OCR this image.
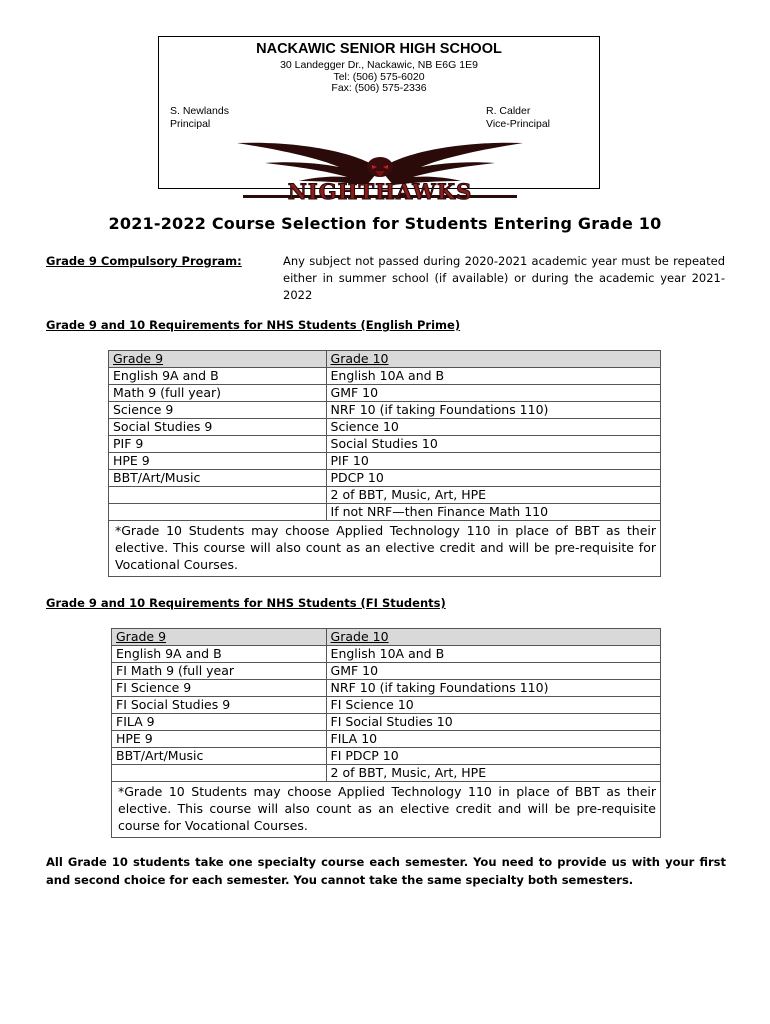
NACKAWIC SENIOR HIGH SCHOOL
30 Landegger Dr., Nackawic, NB E6G 1E9
Tel: (506) 575-6020
Fax: (506) 575-2336
S. Newlands
Principal
R. Calder
Vice-Principal
NIGHTHAWKS
2021-2022 Course Selection for Students Entering Grade 10
Grade 9 Compulsory Program:	Any subject not passed during 2020-2021 academic year must be repeated either in summer school (if available) or during the academic year 2021-2022
Grade 9 and 10 Requirements for NHS Students (English Prime)
Grade 9	Grade 10
English 9A and B	English 10A and B
Math 9 (full year)	GMF 10
Science 9	NRF 10 (if taking Foundations 110)
Social Studies 9	Science 10
PIF 9	Social Studies 10
HPE 9	PIF 10
BBT/Art/Music	PDCP 10
	2 of BBT, Music, Art, HPE
	If not NRF—then Finance Math 110
*Grade 10 Students may choose Applied Technology 110 in place of BBT as their elective. This course will also count as an elective credit and will be pre-requisite for Vocational Courses.	
Grade 9 and 10 Requirements for NHS Students (FI Students)
Grade 9	Grade 10
English 9A and B	English 10A and B
FI Math 9 (full year	GMF 10
FI Science 9	NRF 10 (if taking Foundations 110)
FI Social Studies 9	FI Science 10
FILA 9	FI Social Studies 10
HPE 9	FILA 10
BBT/Art/Music	FI PDCP 10
	2 of BBT, Music, Art, HPE
*Grade 10 Students may choose Applied Technology 110 in place of BBT as their elective. This course will also count as an elective credit and will be pre-requisite course for Vocational Courses.	
All Grade 10 students take one specialty course each semester. You need to provide us with your first and second choice for each semester. You cannot take the same specialty both semesters.
